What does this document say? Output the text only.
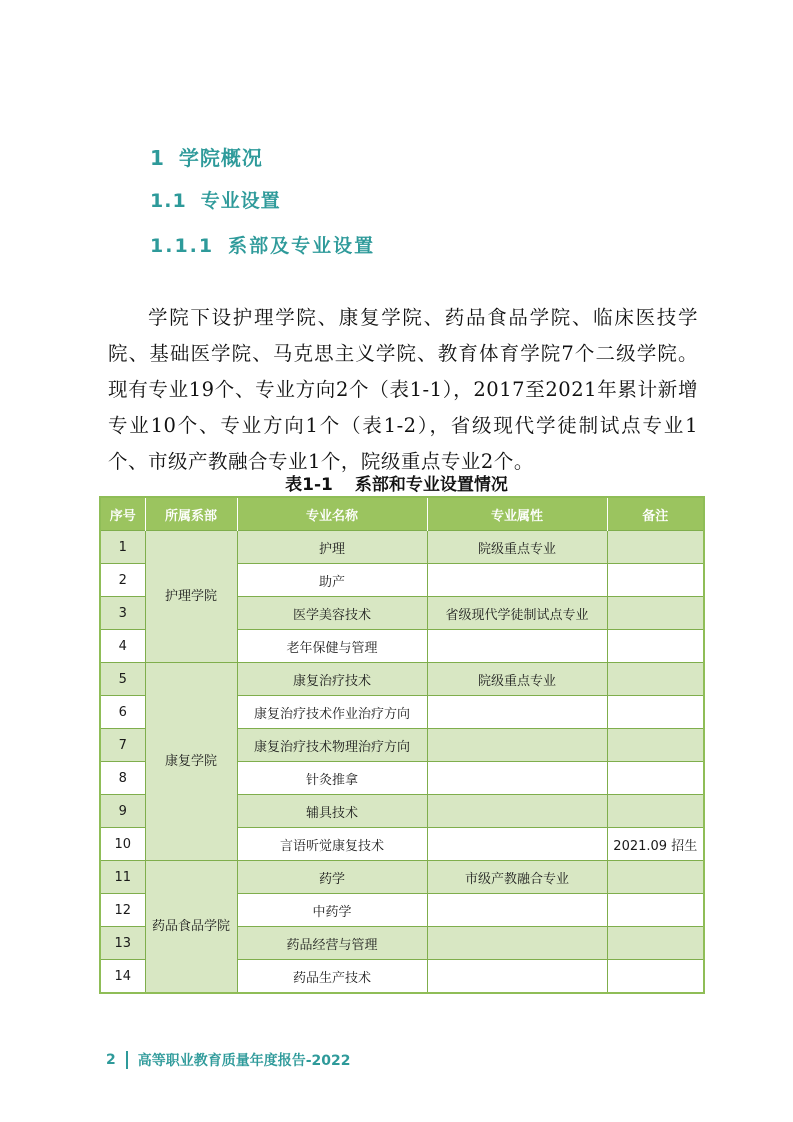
1 学院概况
1.1 专业设置
1.1.1 系部及专业设置

学院下设护理学院、康复学院、药品食品学院、临床医技学院、基础医学院、马克思主义学院、教育体育学院7个二级学院。现有专业19个、专业方向2个（表1-1），2017至2021年累计新增专业10个、专业方向1个（表1-2），省级现代学徒制试点专业1个、市级产教融合专业1个，院级重点专业2个。

表1-1 系部和专业设置情况
序号	所属系部	专业名称	专业属性	备注
1	护理学院	护理	院级重点专业	
2		助产		
3		医学美容技术	省级现代学徒制试点专业	
4		老年保健与管理		
5	康复学院	康复治疗技术	院级重点专业	
6		康复治疗技术作业治疗方向		
7		康复治疗技术物理治疗方向		
8		针灸推拿		
9		辅具技术		
10		言语听觉康复技术		2021.09 招生
11	药品食品学院	药学	市级产教融合专业	
12		中药学		
13		药品经营与管理		
14		药品生产技术		
2 高等职业教育质量年度报告-2022
